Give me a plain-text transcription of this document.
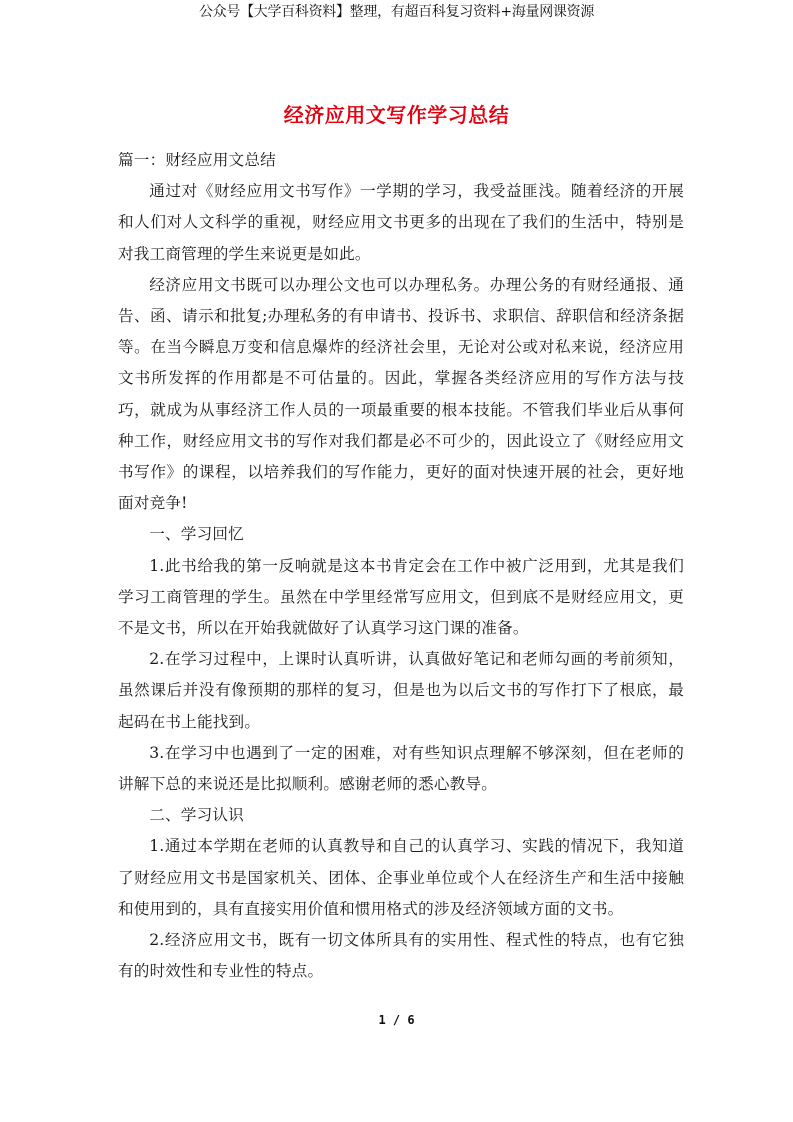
公众号【大学百科资料】整理，有超百科复习资料+海量网课资源
经济应用文写作学习总结

篇一：财经应用文总结

通过对《财经应用文书写作》一学期的学习，我受益匪浅。随着经济的开展和人们对人文科学的重视，财经应用文书更多的出现在了我们的生活中，特别是对我工商管理的学生来说更是如此。

经济应用文书既可以办理公文也可以办理私务。办理公务的有财经通报、通告、函、请示和批复;办理私务的有申请书、投诉书、求职信、辞职信和经济条据等。在当今瞬息万变和信息爆炸的经济社会里，无论对公或对私来说，经济应用文书所发挥的作用都是不可估量的。因此，掌握各类经济应用的写作方法与技巧，就成为从事经济工作人员的一项最重要的根本技能。不管我们毕业后从事何种工作，财经应用文书的写作对我们都是必不可少的，因此设立了《财经应用文书写作》的课程，以培养我们的写作能力，更好的面对快速开展的社会，更好地面对竞争!

一、学习回忆

1.此书给我的第一反响就是这本书肯定会在工作中被广泛用到，尤其是我们学习工商管理的学生。虽然在中学里经常写应用文，但到底不是财经应用文，更不是文书，所以在开始我就做好了认真学习这门课的准备。

2.在学习过程中，上课时认真听讲，认真做好笔记和老师勾画的考前须知，虽然课后并没有像预期的那样的复习，但是也为以后文书的写作打下了根底，最起码在书上能找到。

3.在学习中也遇到了一定的困难，对有些知识点理解不够深刻，但在老师的讲解下总的来说还是比拟顺利。感谢老师的悉心教导。

二、学习认识

1.通过本学期在老师的认真教导和自己的认真学习、实践的情况下，我知道了财经应用文书是国家机关、团体、企事业单位或个人在经济生产和生活中接触和使用到的，具有直接实用价值和惯用格式的涉及经济领域方面的文书。

2.经济应用文书，既有一切文体所具有的实用性、程式性的特点，也有它独有的时效性和专业性的特点。

1 / 6
